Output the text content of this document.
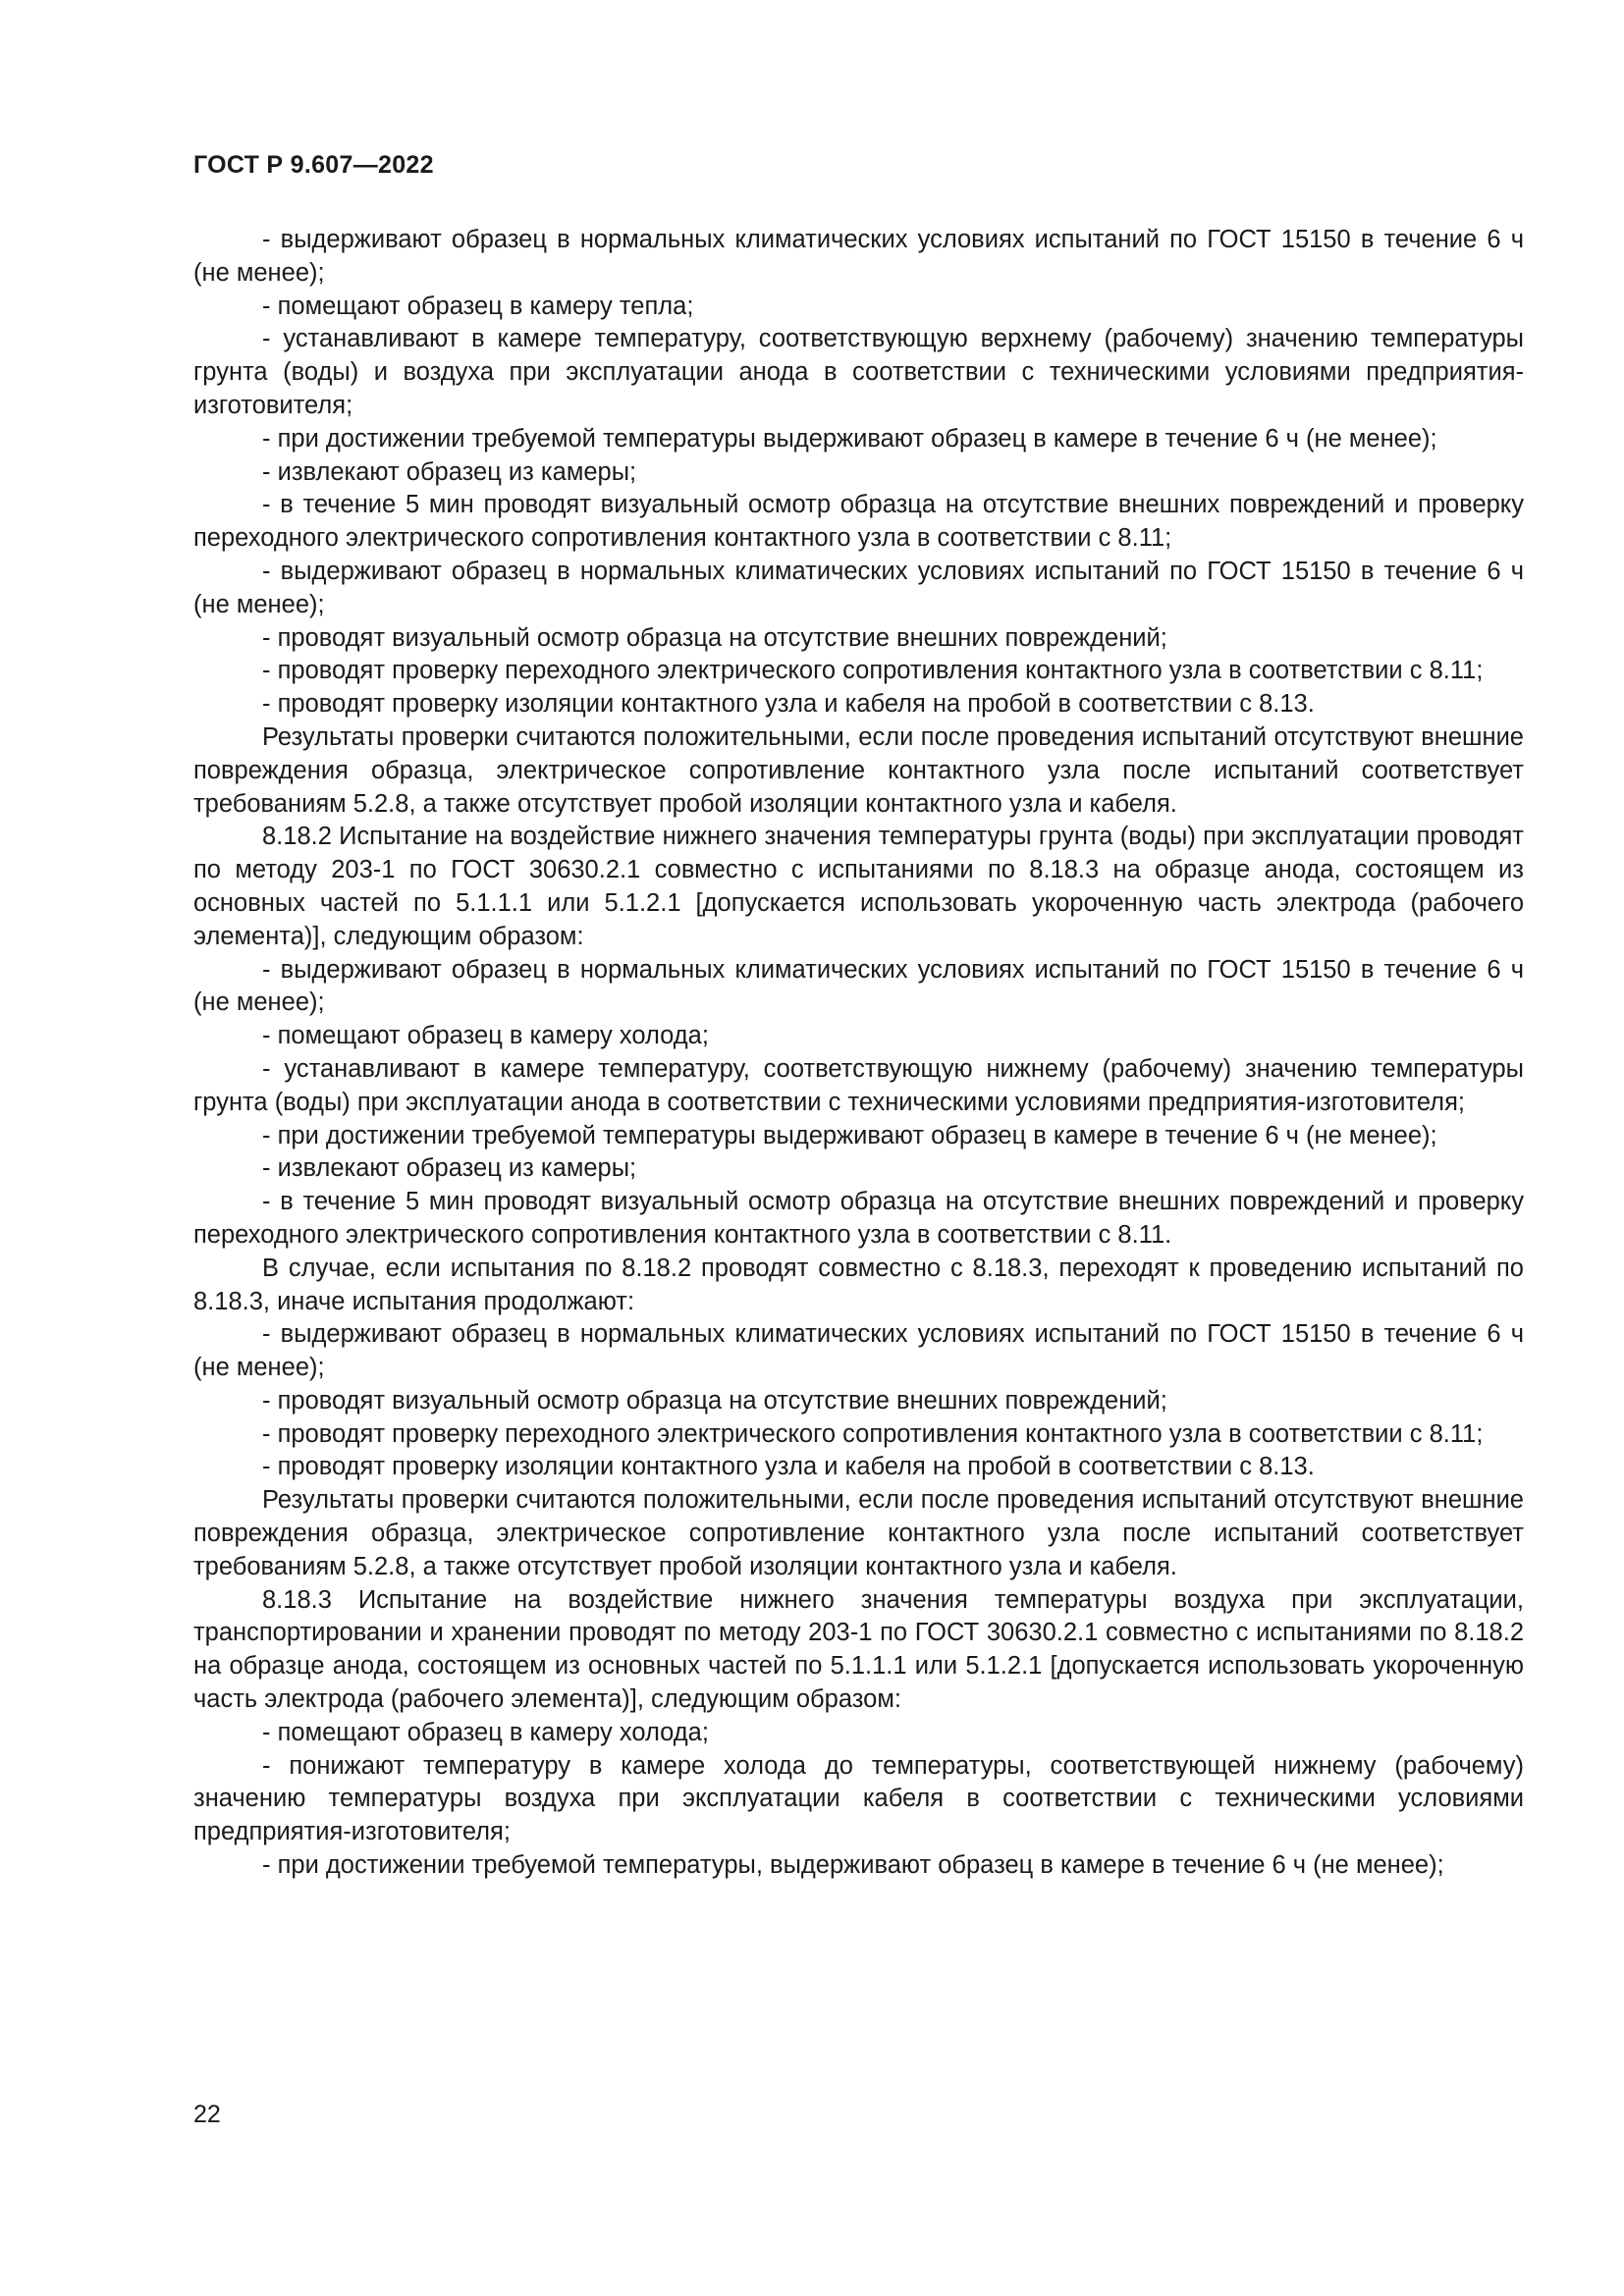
ГОСТ Р 9.607—2022

- выдерживают образец в нормальных климатических условиях испытаний по ГОСТ 15150 в течение 6 ч (не менее);

- помещают образец в камеру тепла;

- устанавливают в камере температуру, соответствующую верхнему (рабочему) значению температуры грунта (воды) и воздуха при эксплуатации анода в соответствии с техническими условиями предприятия-изготовителя;

- при достижении требуемой температуры выдерживают образец в камере в течение 6 ч (не менее);

- извлекают образец из камеры;

- в течение 5 мин проводят визуальный осмотр образца на отсутствие внешних повреждений и проверку переходного электрического сопротивления контактного узла в соответствии с 8.11;

- выдерживают образец в нормальных климатических условиях испытаний по ГОСТ 15150 в течение 6 ч (не менее);

- проводят визуальный осмотр образца на отсутствие внешних повреждений;

- проводят проверку переходного электрического сопротивления контактного узла в соответствии с 8.11;

- проводят проверку изоляции контактного узла и кабеля на пробой в соответствии с 8.13.

Результаты проверки считаются положительными, если после проведения испытаний отсутствуют внешние повреждения образца, электрическое сопротивление контактного узла после испытаний соответствует требованиям 5.2.8, а также отсутствует пробой изоляции контактного узла и кабеля.

8.18.2 Испытание на воздействие нижнего значения температуры грунта (воды) при эксплуатации проводят по методу 203-1 по ГОСТ 30630.2.1 совместно с испытаниями по 8.18.3 на образце анода, состоящем из основных частей по 5.1.1.1 или 5.1.2.1 [допускается использовать укороченную часть электрода (рабочего элемента)], следующим образом:

- выдерживают образец в нормальных климатических условиях испытаний по ГОСТ 15150 в течение 6 ч (не менее);

- помещают образец в камеру холода;

- устанавливают в камере температуру, соответствующую нижнему (рабочему) значению температуры грунта (воды) при эксплуатации анода в соответствии с техническими условиями предприятия-изготовителя;

- при достижении требуемой температуры выдерживают образец в камере в течение 6 ч (не менее);

- извлекают образец из камеры;

- в течение 5 мин проводят визуальный осмотр образца на отсутствие внешних повреждений и проверку переходного электрического сопротивления контактного узла в соответствии с 8.11.

В случае, если испытания по 8.18.2 проводят совместно с 8.18.3, переходят к проведению испытаний по 8.18.3, иначе испытания продолжают:

- выдерживают образец в нормальных климатических условиях испытаний по ГОСТ 15150 в течение 6 ч (не менее);

- проводят визуальный осмотр образца на отсутствие внешних повреждений;

- проводят проверку переходного электрического сопротивления контактного узла в соответствии с 8.11;

- проводят проверку изоляции контактного узла и кабеля на пробой в соответствии с 8.13.

Результаты проверки считаются положительными, если после проведения испытаний отсутствуют внешние повреждения образца, электрическое сопротивление контактного узла после испытаний соответствует требованиям 5.2.8, а также отсутствует пробой изоляции контактного узла и кабеля.

8.18.3 Испытание на воздействие нижнего значения температуры воздуха при эксплуатации, транспортировании и хранении проводят по методу 203-1 по ГОСТ 30630.2.1 совместно с испытаниями по 8.18.2 на образце анода, состоящем из основных частей по 5.1.1.1 или 5.1.2.1 [допускается использовать укороченную часть электрода (рабочего элемента)], следующим образом:

- помещают образец в камеру холода;

- понижают температуру в камере холода до температуры, соответствующей нижнему (рабочему) значению температуры воздуха при эксплуатации кабеля в соответствии с техническими условиями предприятия-изготовителя;

- при достижении требуемой температуры, выдерживают образец в камере в течение 6 ч (не менее);

22
